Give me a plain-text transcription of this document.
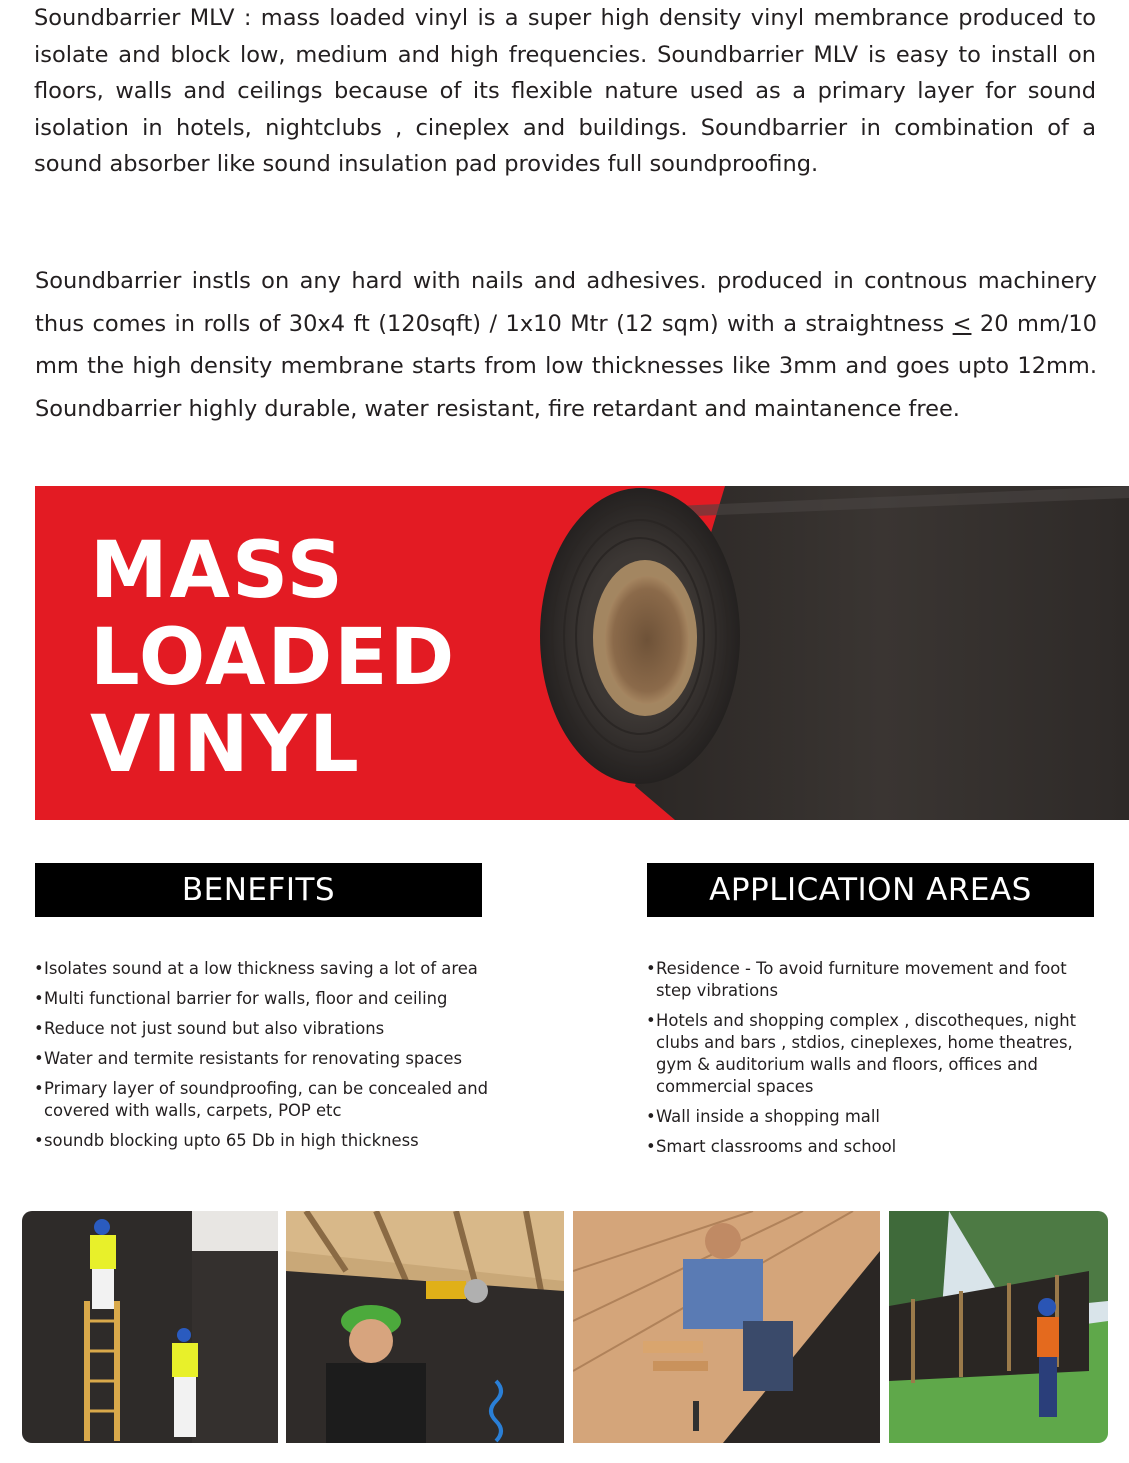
Soundbarrier MLV : mass loaded vinyl is a super high density vinyl membrance produced to isolate and block low, medium and high frequencies. Soundbarrier MLV is easy to install on floors, walls and ceilings because of its flexible nature used as a primary layer for sound isolation in hotels, nightclubs , cineplex and buildings. Soundbarrier in combination of a sound absorber like sound insulation pad provides full soundproofing.

Soundbarrier instls on any hard with nails and adhesives. produced in contnous machinery thus comes in rolls of 30x4 ft (120sqft) / 1x10 Mtr (12 sqm) with a straightness ≤ 20 mm/10 mm the high density membrane starts from low thicknesses like 3mm and goes upto 12mm. Soundbarrier highly durable, water resistant, fire retardant and maintanence free.

MASS
LOADED
VINYL
BENEFITS	APPLICATION AREAS
• Isolates sound at a low thickness saving a lot of area
• Multi functional barrier for walls, floor and ceiling
• Reduce not just sound but also vibrations
• Water and termite resistants for renovating spaces
• Primary layer of soundproofing, can be concealed and covered with walls, carpets, POP etc
• soundb blocking upto 65 Db in high thickness
• Residence - To avoid furniture movement and foot step vibrations
• Hotels and shopping complex , discotheques, night clubs and bars , stdios, cineplexes, home theatres, gym & auditorium walls and floors, offices and commercial spaces
• Wall inside a shopping mall
• Smart classrooms and school
